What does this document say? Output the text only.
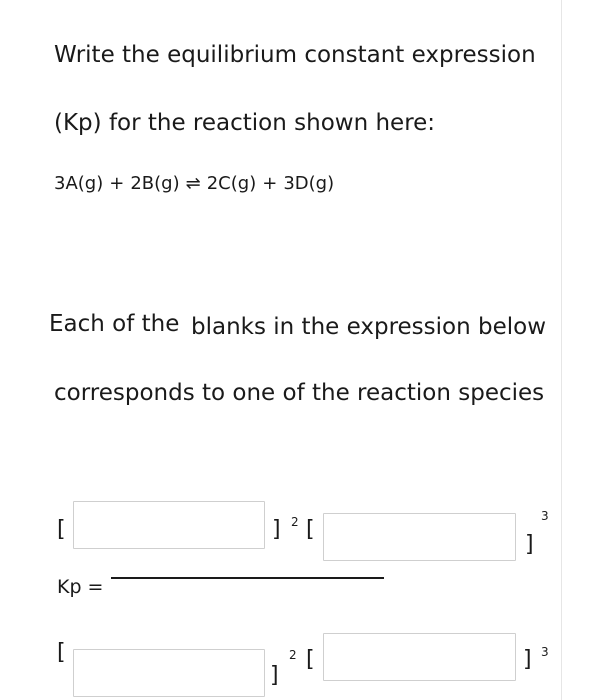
Write the equilibrium constant expression
(Kp) for the reaction shown here:
3A(g) + 2B(g) ⇌ 2C(g) + 3D(g)
Each of the blanks in the expression below
corresponds to one of the reaction species
[	] 2 [
]
3
Kp =
[
]
2 [	] 3
